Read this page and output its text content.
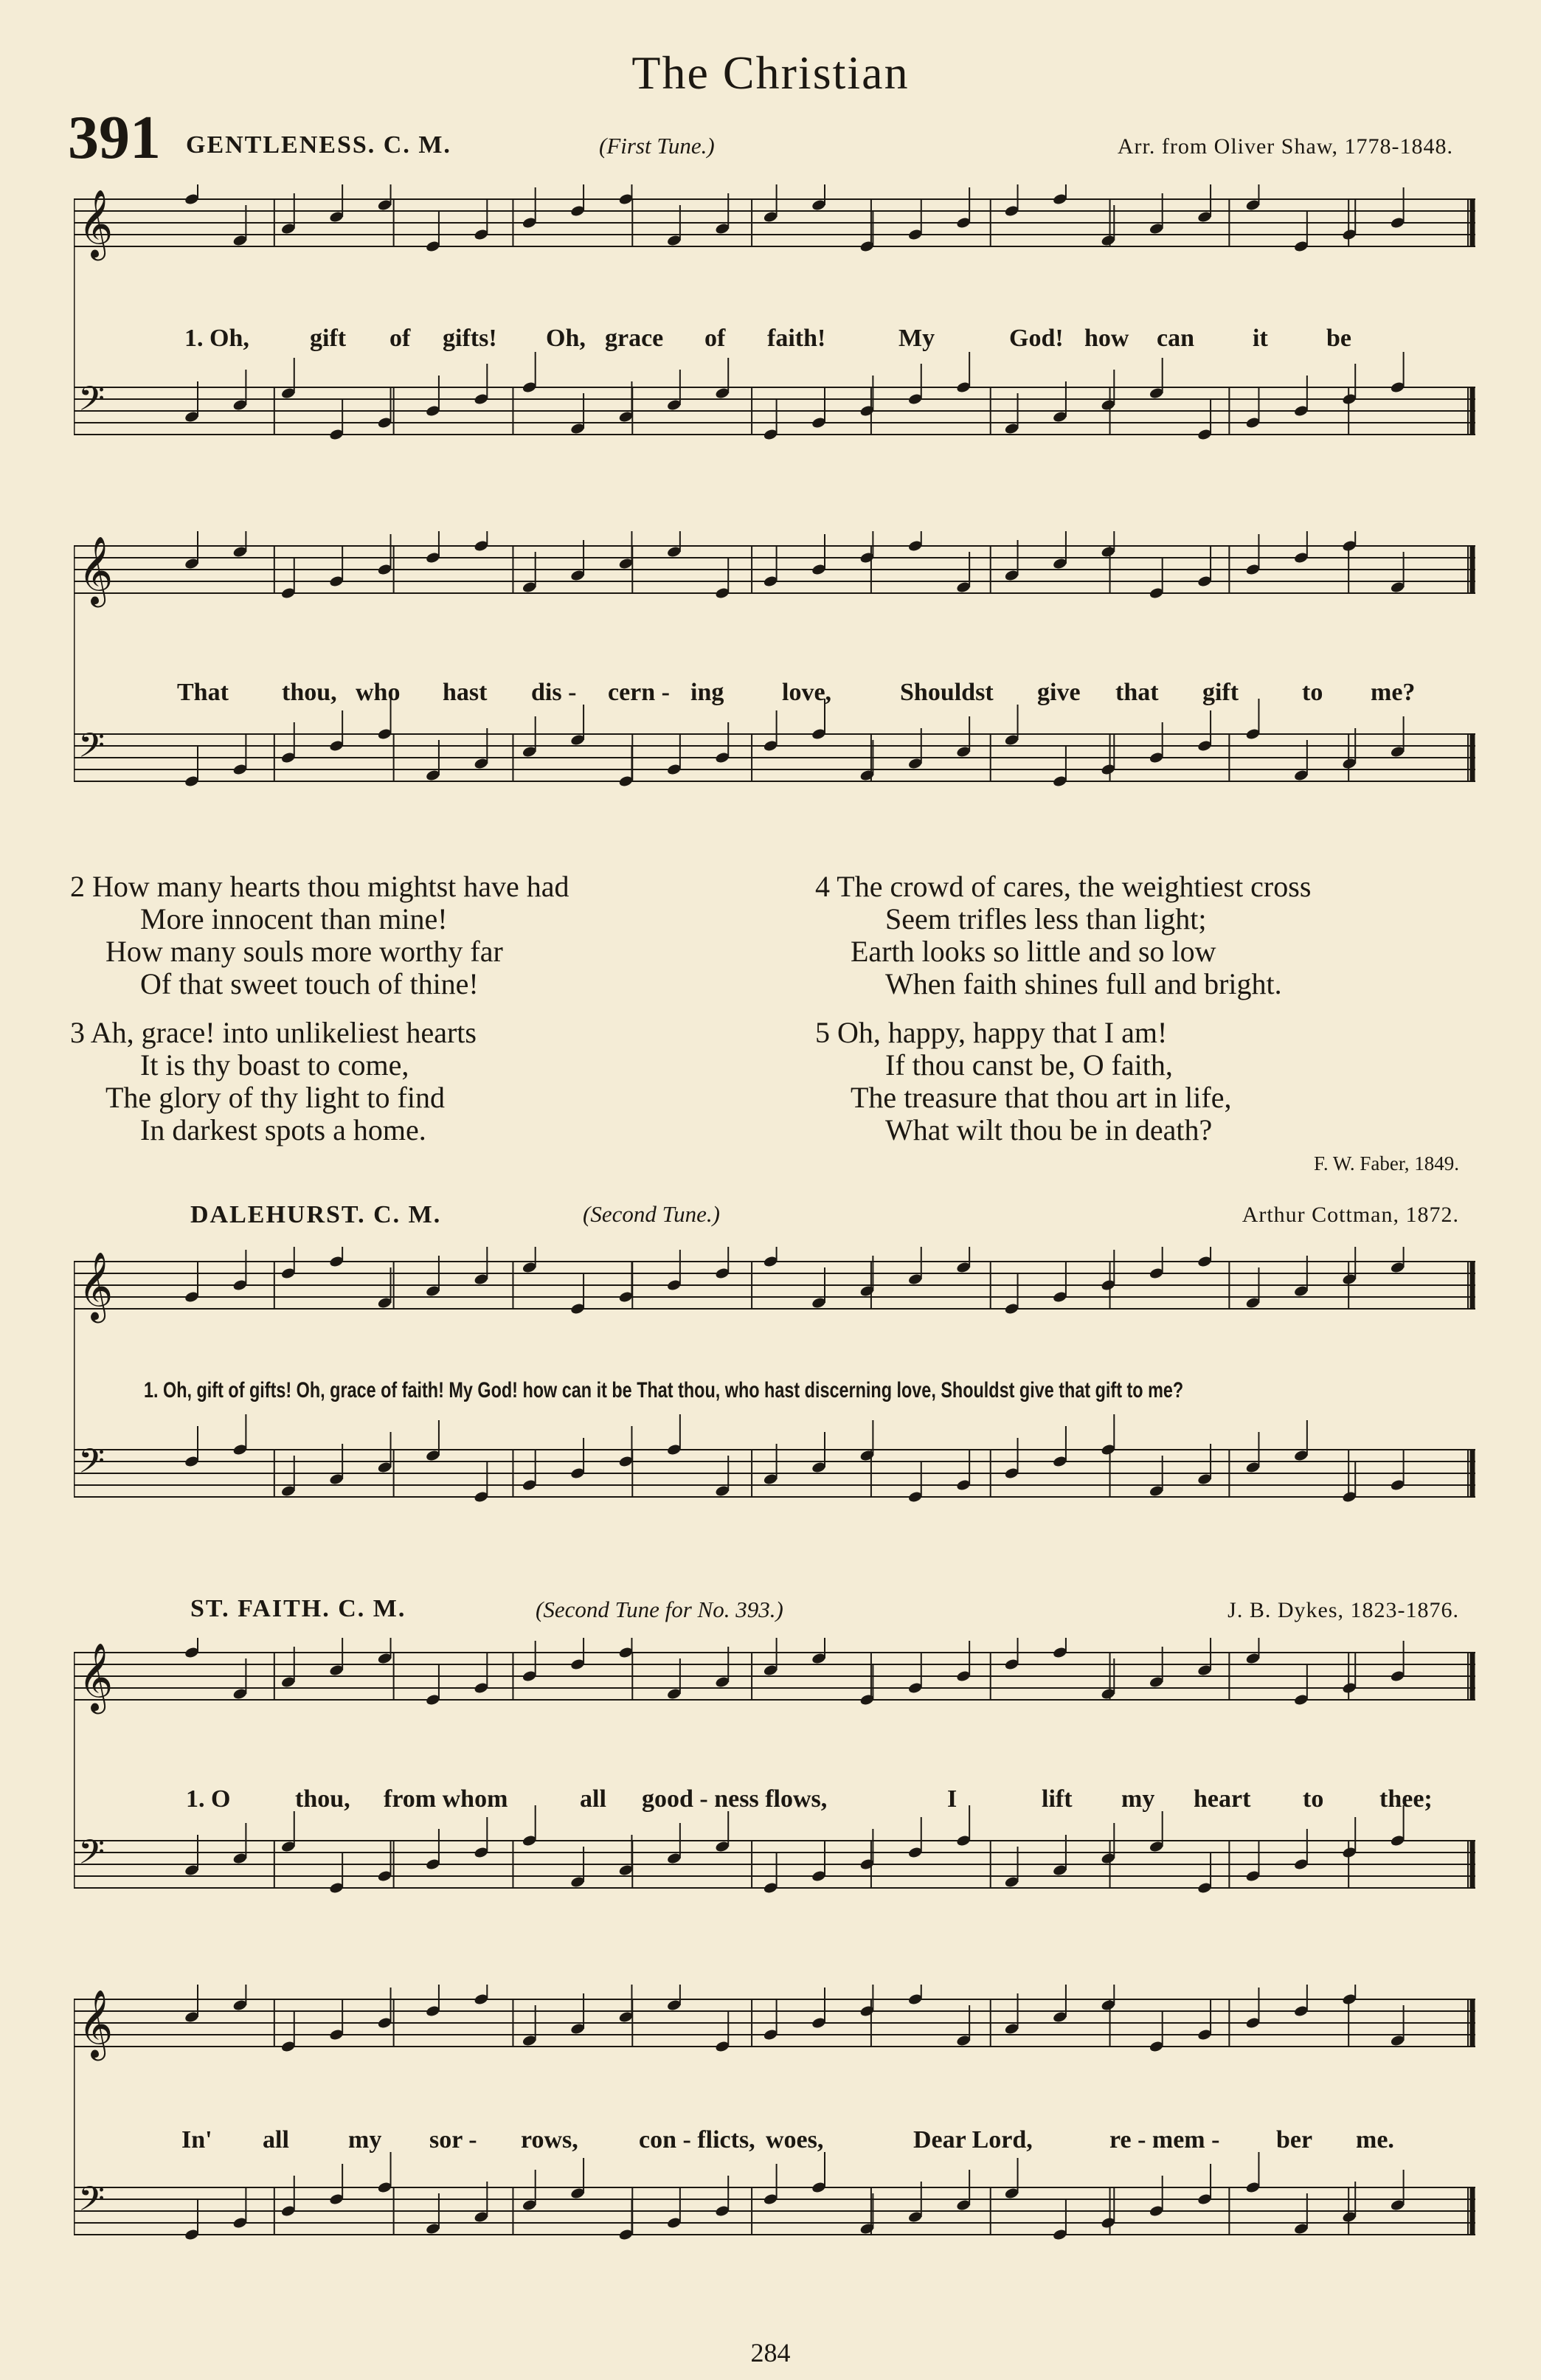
The Christian
391 GENTLENESS. C. M.	(First Tune.)	Arr. from Oliver Shaw, 1778-1848.
𝄞
𝄢
1. Oh, gift of gifts! Oh, grace of faith!	My	God! how can it be
𝄞
𝄢
That thou, who hast dis - cern - ing love,	Shouldst give that gift	to me?
2 How many hearts thou mightst have had
More innocent than mine!
How many souls more worthy far
Of that sweet touch of thine!
3 Ah, grace! into unlikeliest hearts
It is thy boast to come,
The glory of thy light to find
In darkest spots a home.
4 The crowd of cares, the weightiest cross
Seem trifles less than light;
Earth looks so little and so low
When faith shines full and bright.
5 Oh, happy, happy that I am!
If thou canst be, O faith,
The treasure that thou art in life,
What wilt thou be in death?
F. W. Faber, 1849.
DALEHURST. C. M.	(Second Tune.)	Arthur Cottman, 1872.
𝄞
𝄢
1. Oh, gift of gifts! Oh, grace of faith! My God! how can it be That thou, who hast discerning love, Shouldst give that gift to me?
ST. FAITH. C. M.	(Second Tune for No. 393.)	J. B. Dykes, 1823-1876.
𝄞
𝄢
1. O	thou, from whom	all good - ness flows,	I	lift my heart to thee;
𝄞
𝄢
In' all my sor - rows, con - flicts, woes,	Dear Lord,	re - mem - ber me.
284
